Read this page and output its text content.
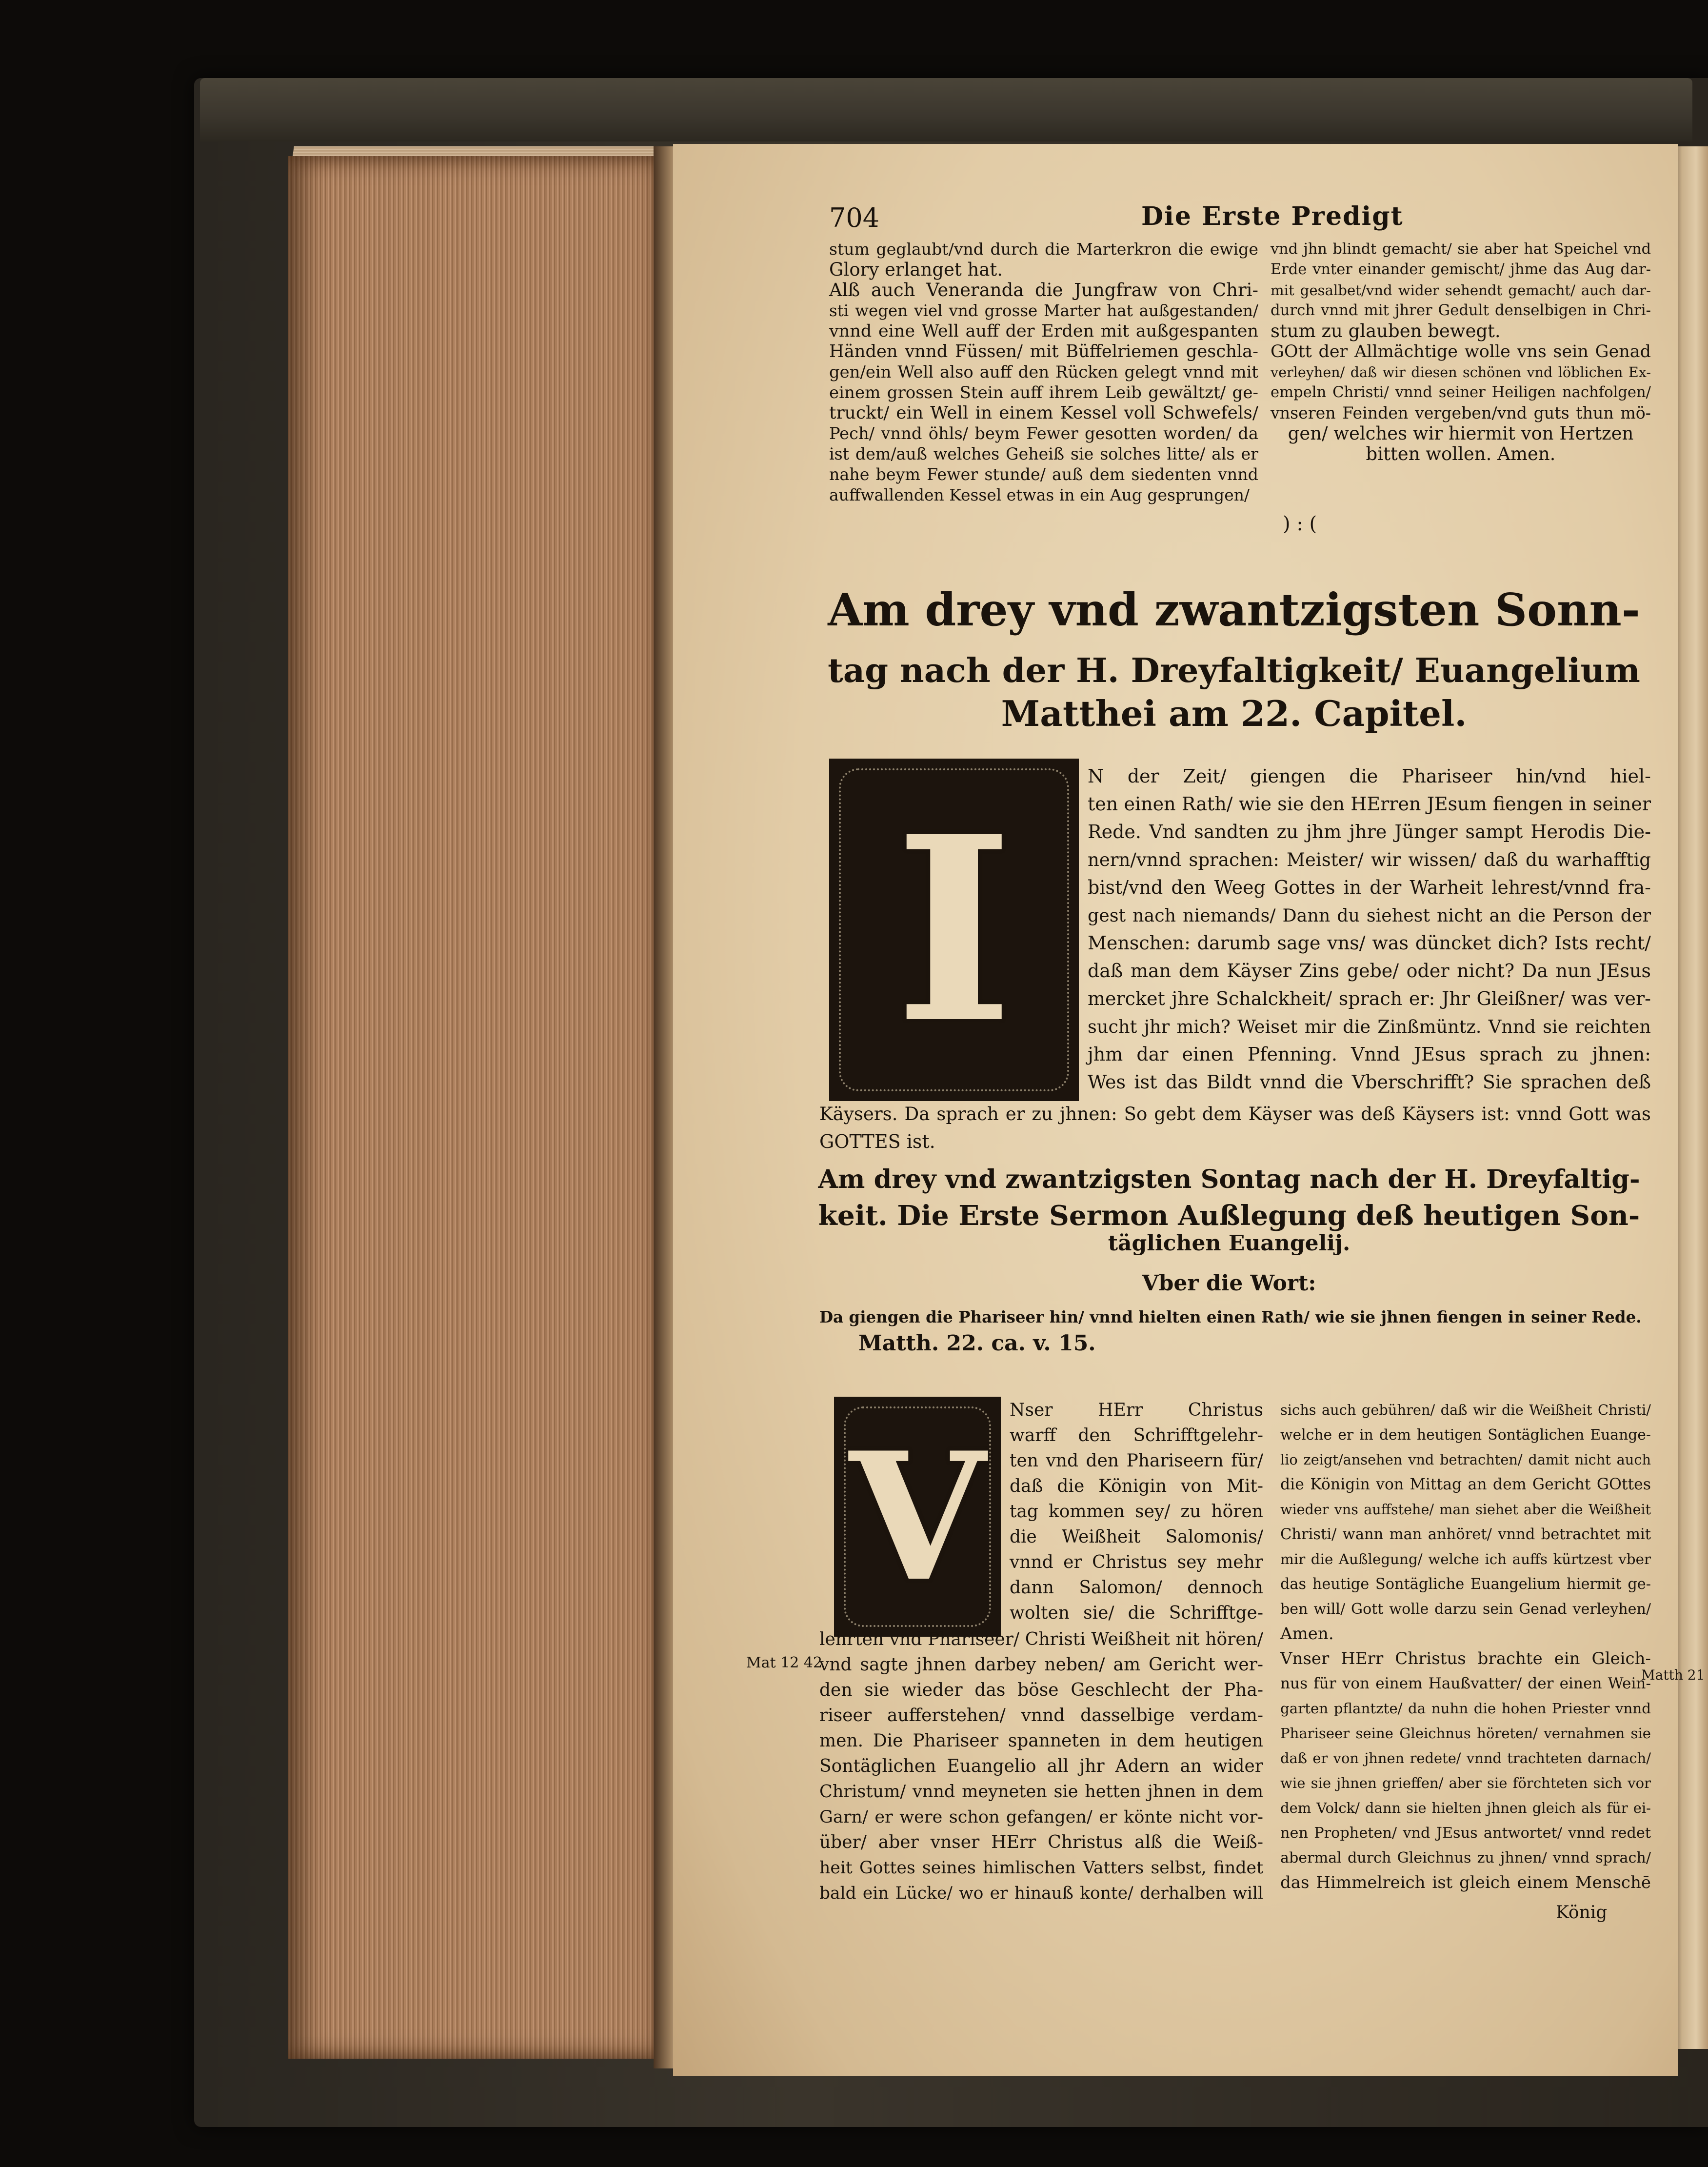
704	Die Erste Predigt
stum geglaubt/vnd durch die Marterkron die ewige
Glory erlanget hat.
Alß auch Veneranda die Jungfraw von Chri-
sti wegen viel vnd grosse Marter hat außgestanden/
vnnd eine Well auff der Erden mit außgespanten
Händen vnnd Füssen/ mit Büffelriemen geschla-
gen/ein Well also auff den Rücken gelegt vnnd mit
einem grossen Stein auff ihrem Leib gewältzt/ ge-
truckt/ ein Well in einem Kessel voll Schwefels/
Pech/ vnnd öhls/ beym Fewer gesotten worden/ da
ist dem/auß welches Geheiß sie solches litte/ als er
nahe beym Fewer stunde/ auß dem siedenten vnnd
auffwallenden Kessel etwas in ein Aug gesprungen/
vnd jhn blindt gemacht/ sie aber hat Speichel vnd
Erde vnter einander gemischt/ jhme das Aug dar-
mit gesalbet/vnd wider sehendt gemacht/ auch dar-
durch vnnd mit jhrer Gedult denselbigen in Chri-
stum zu glauben bewegt.
GOtt der Allmächtige wolle vns sein Genad
verleyhen/ daß wir diesen schönen vnd löblichen Ex-
empeln Christi/ vnnd seiner Heiligen nachfolgen/
vnseren Feinden vergeben/vnd guts thun mö-
gen/ welches wir hiermit von Hertzen
bitten wollen. Amen.
) : (
Am drey vnd zwantzigsten Sonn-
tag nach der H. Dreyfaltigkeit/ Euangelium
Matthei am 22. Capitel.
I
N der Zeit/ giengen die Phariseer hin/vnd hiel-
ten einen Rath/ wie sie den HErren JEsum fiengen in seiner
Rede. Vnd sandten zu jhm jhre Jünger sampt Herodis Die-
nern/vnnd sprachen: Meister/ wir wissen/ daß du warhafftig
bist/vnd den Weeg Gottes in der Warheit lehrest/vnnd fra-
gest nach niemands/ Dann du siehest nicht an die Person der
Menschen: darumb sage vns/ was düncket dich? Ists recht/
daß man dem Käyser Zins gebe/ oder nicht? Da nun JEsus
mercket jhre Schalckheit/ sprach er: Jhr Gleißner/ was ver-
sucht jhr mich? Weiset mir die Zinßmüntz. Vnnd sie reichten
jhm dar einen Pfenning. Vnnd JEsus sprach zu jhnen:
Wes ist das Bildt vnnd die Vberschrifft? Sie sprachen deß
Käysers. Da sprach er zu jhnen: So gebt dem Käyser was deß Käysers ist: vnnd Gott was
GOTTES ist.
Am drey vnd zwantzigsten Sontag nach der H. Dreyfaltig-
keit. Die Erste Sermon Außlegung deß heutigen Son-
täglichen Euangelij.
Vber die Wort:
Da giengen die Phariseer hin/ vnnd hielten einen Rath/ wie sie jhnen fiengen in seiner Rede.
Matth. 22. ca. v. 15.
V
Nser HErr Christus
warff den Schrifftgelehr-
ten vnd den Phariseern für/
daß die Königin von Mit-
tag kommen sey/ zu hören
die Weißheit Salomonis/
vnnd er Christus sey mehr
dann Salomon/ dennoch
wolten sie/ die Schrifftge-
lehrten vnd Phariseer/ Christi Weißheit nit hören/
vnd sagte jhnen darbey neben/ am Gericht wer-
den sie wieder das böse Geschlecht der Pha-
riseer aufferstehen/ vnnd dasselbige verdam-
men. Die Phariseer spanneten in dem heutigen
Sontäglichen Euangelio all jhr Adern an wider
Christum/ vnnd meyneten sie hetten jhnen in dem
Garn/ er were schon gefangen/ er könte nicht vor-
über/ aber vnser HErr Christus alß die Weiß-
heit Gottes seines himlischen Vatters selbst, findet
bald ein Lücke/ wo er hinauß konte/ derhalben will
sichs auch gebühren/ daß wir die Weißheit Christi/
welche er in dem heutigen Sontäglichen Euange-
lio zeigt/ansehen vnd betrachten/ damit nicht auch
die Königin von Mittag an dem Gericht GOttes
wieder vns auffstehe/ man siehet aber die Weißheit
Christi/ wann man anhöret/ vnnd betrachtet mit
mir die Außlegung/ welche ich auffs kürtzest vber
das heutige Sontägliche Euangelium hiermit ge-
ben will/ Gott wolle darzu sein Genad verleyhen/
Amen.
Vnser HErr Christus brachte ein Gleich-
nus für von einem Haußvatter/ der einen Wein-
garten pflantzte/ da nuhn die hohen Priester vnnd
Phariseer seine Gleichnus höreten/ vernahmen sie
daß er von jhnen redete/ vnnd trachteten darnach/
wie sie jhnen grieffen/ aber sie förchteten sich vor
dem Volck/ dann sie hielten jhnen gleich als für ei-
nen Propheten/ vnd JEsus antwortet/ vnnd redet
abermal durch Gleichnus zu jhnen/ vnnd sprach/
das Himmelreich ist gleich einem Menschē
König
Mat 12 42
Matth 21
